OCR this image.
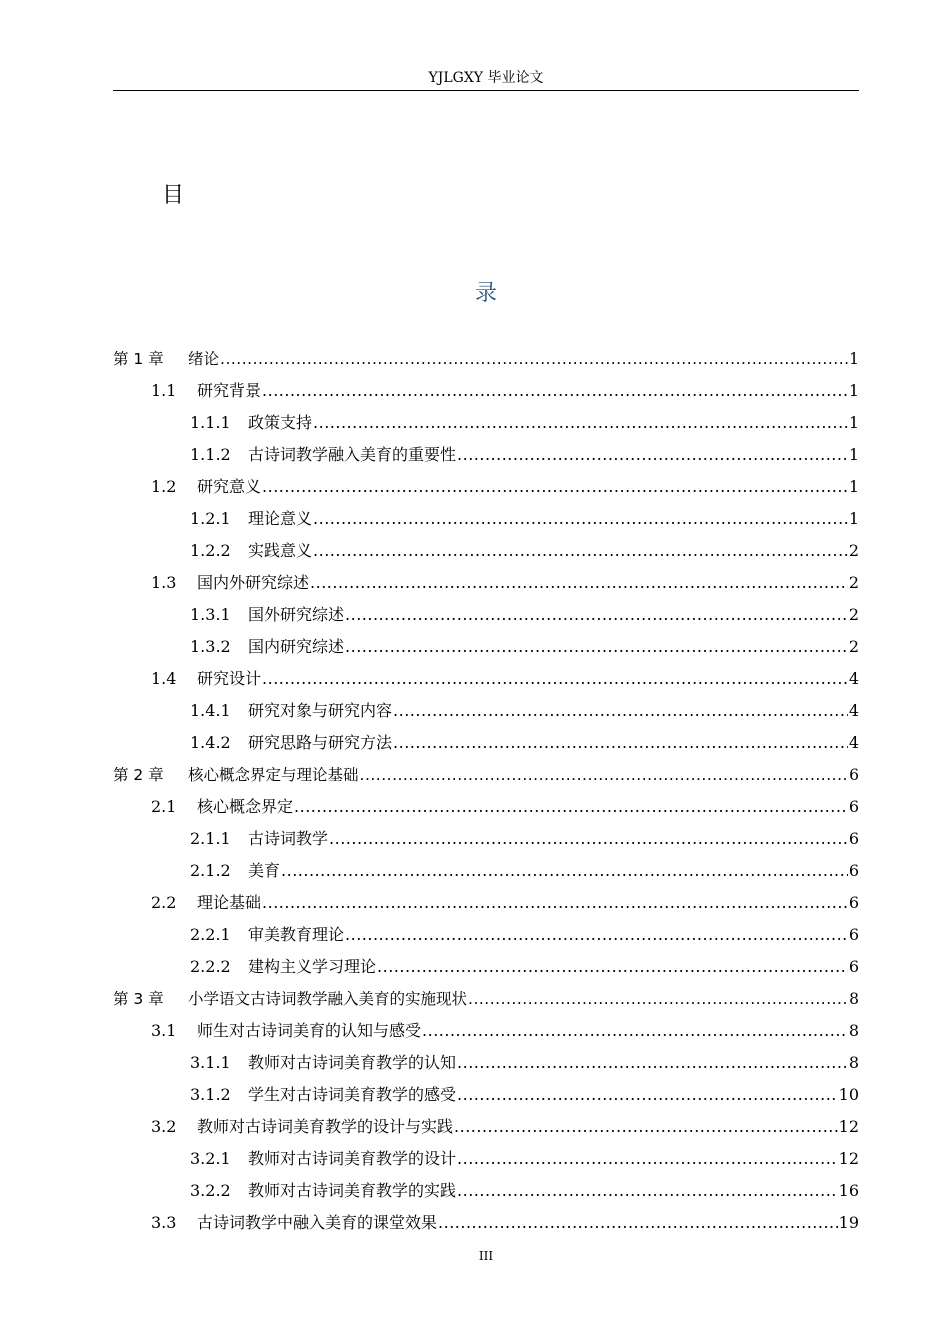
YJLGXY 毕业论文
目
录
第 1 章	绪论 .....	1
1.1	研究背景 .....	1
1.1.1	政策支持 .....	1
1.1.2	古诗词教学融入美育的重要性 .....	1
1.2	研究意义 .....	1
1.2.1	理论意义 .....	1
1.2.2	实践意义 .....	2
1.3	国内外研究综述 .....	2
1.3.1	国外研究综述 .....	2
1.3.2	国内研究综述 .....	2
1.4	研究设计 .....	4
1.4.1	研究对象与研究内容 .....	4
1.4.2	研究思路与研究方法 .....	4
第 2 章	核心概念界定与理论基础 .....	6
2.1	核心概念界定 .....	6
2.1.1	古诗词教学 .....	6
2.1.2	美育 .....	6
2.2	理论基础 .....	6
2.2.1	审美教育理论 .....	6
2.2.2	建构主义学习理论 .....	6
第 3 章	小学语文古诗词教学融入美育的实施现状 .....	8
3.1	师生对古诗词美育的认知与感受 .....	8
3.1.1	教师对古诗词美育教学的认知 .....	8
3.1.2	学生对古诗词美育教学的感受 .....	10
3.2	教师对古诗词美育教学的设计与实践 .....	12
3.2.1	教师对古诗词美育教学的设计 .....	12
3.2.2	教师对古诗词美育教学的实践 .....	16
3.3	古诗词教学中融入美育的课堂效果 .....	19
III
